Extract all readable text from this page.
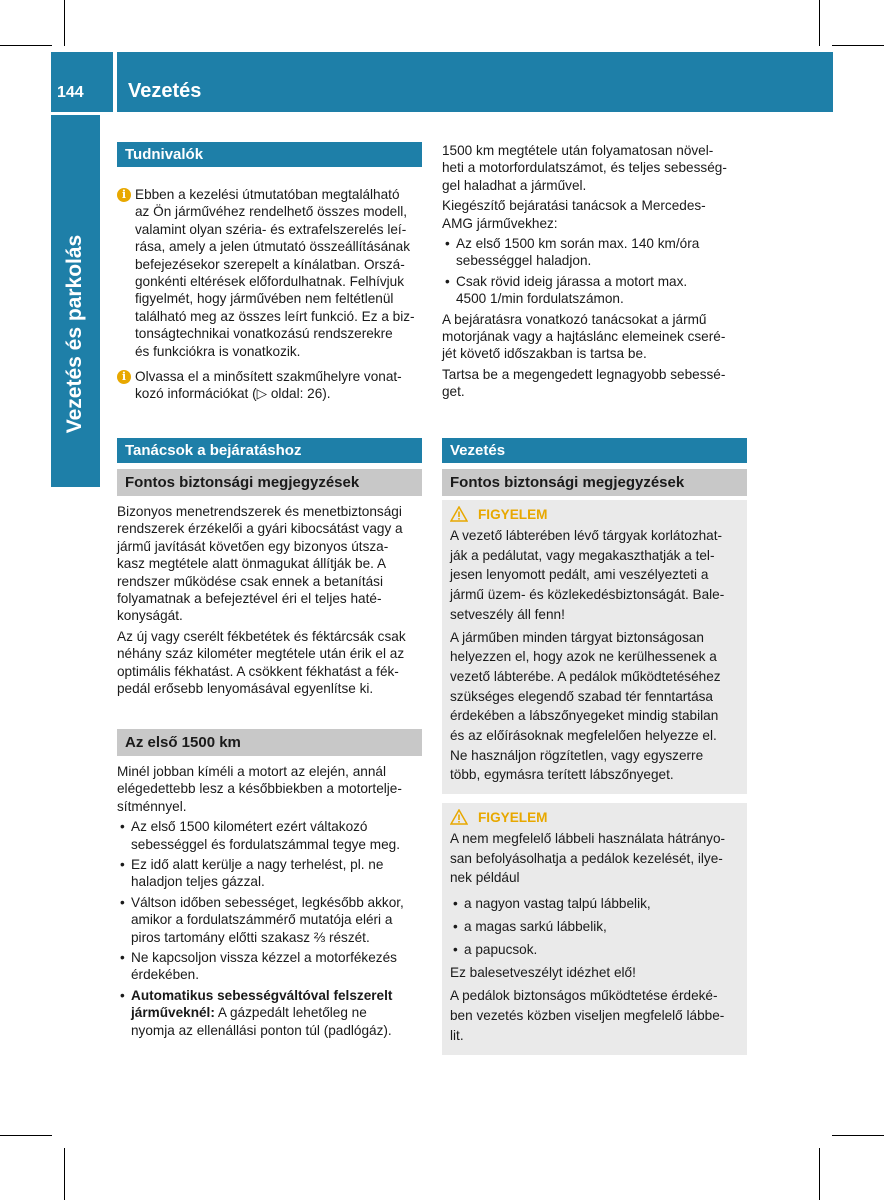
144 Vezetés
Vezetés és parkolás
Tudnivalók
i Ebben a kezelési útmutatóban megtalálható
az Ön járművéhez rendelhető összes modell,
valamint olyan széria- és extrafelszerelés leí-
rása, amely a jelen útmutató összeállításának
befejezésekor szerepelt a kínálatban. Orszá-
gonkénti eltérések előfordulhatnak. Felhívjuk
figyelmét, hogy járművében nem feltétlenül
található meg az összes leírt funkció. Ez a biz-
tonságtechnikai vonatkozású rendszerekre
és funkciókra is vonatkozik.
i Olvassa el a minősített szakműhelyre vonat-
kozó információkat (▷ oldal: 26).
Tanácsok a bejáratáshoz
Fontos biztonsági megjegyzések
Bizonyos menetrendszerek és menetbiztonsági
rendszerek érzékelői a gyári kibocsátást vagy a
jármű javítását követően egy bizonyos útsza-
kasz megtétele alatt önmagukat állítják be. A
rendszer működése csak ennek a betanítási
folyamatnak a befejeztével éri el teljes haté-
konyságát.
Az új vagy cserélt fékbetétek és féktárcsák csak
néhány száz kilométer megtétele után érik el az
optimális fékhatást. A csökkent fékhatást a fék-
pedál erősebb lenyomásával egyenlítse ki.
Az első 1500 km
Minél jobban kíméli a motort az elején, annál
elégedettebb lesz a későbbiekben a motortelje-
sítménnyel.
• Az első 1500 kilométert ezért váltakozó
sebességgel és fordulatszámmal tegye meg.
• Ez idő alatt kerülje a nagy terhelést, pl. ne
haladjon teljes gázzal.
• Váltson időben sebességet, legkésőbb akkor,
amikor a fordulatszámmérő mutatója eléri a
piros tartomány előtti szakasz ⅔ részét.
• Ne kapcsoljon vissza kézzel a motorfékezés
érdekében.
• Automatikus sebességváltóval felszerelt
járműveknél: A gázpedált lehetőleg ne
nyomja az ellenállási ponton túl (padlógáz).
1500 km megtétele után folyamatosan növel-
heti a motorfordulatszámot, és teljes sebesség-
gel haladhat a járművel.
Kiegészítő bejáratási tanácsok a Mercedes-
AMG járművekhez:
• Az első 1500 km során max. 140 km/óra
sebességgel haladjon.
• Csak rövid ideig járassa a motort max.
4500 1/min fordulatszámon.
A bejáratásra vonatkozó tanácsokat a jármű
motorjának vagy a hajtáslánc elemeinek cseré-
jét követő időszakban is tartsa be.
Tartsa be a megengedett legnagyobb sebessé-
get.
Vezetés
Fontos biztonsági megjegyzések
FIGYELEM
A vezető lábterében lévő tárgyak korlátozhat-
ják a pedálutat, vagy megakaszthatják a tel-
jesen lenyomott pedált, ami veszélyezteti a
jármű üzem- és közlekedésbiztonságát. Bale-
setveszély áll fenn!
A járműben minden tárgyat biztonságosan
helyezzen el, hogy azok ne kerülhessenek a
vezető lábterébe. A pedálok működtetéséhez
szükséges elegendő szabad tér fenntartása
érdekében a lábszőnyegeket mindig stabilan
és az előírásoknak megfelelően helyezze el.
Ne használjon rögzítetlen, vagy egyszerre
több, egymásra terített lábszőnyeget.
FIGYELEM
A nem megfelelő lábbeli használata hátrányo-
san befolyásolhatja a pedálok kezelését, ilye-
nek például
• a nagyon vastag talpú lábbelik,
• a magas sarkú lábbelik,
• a papucsok.
Ez balesetveszélyt idézhet elő!
A pedálok biztonságos működtetése érdeké-
ben vezetés közben viseljen megfelelő lábbe-
lit.
